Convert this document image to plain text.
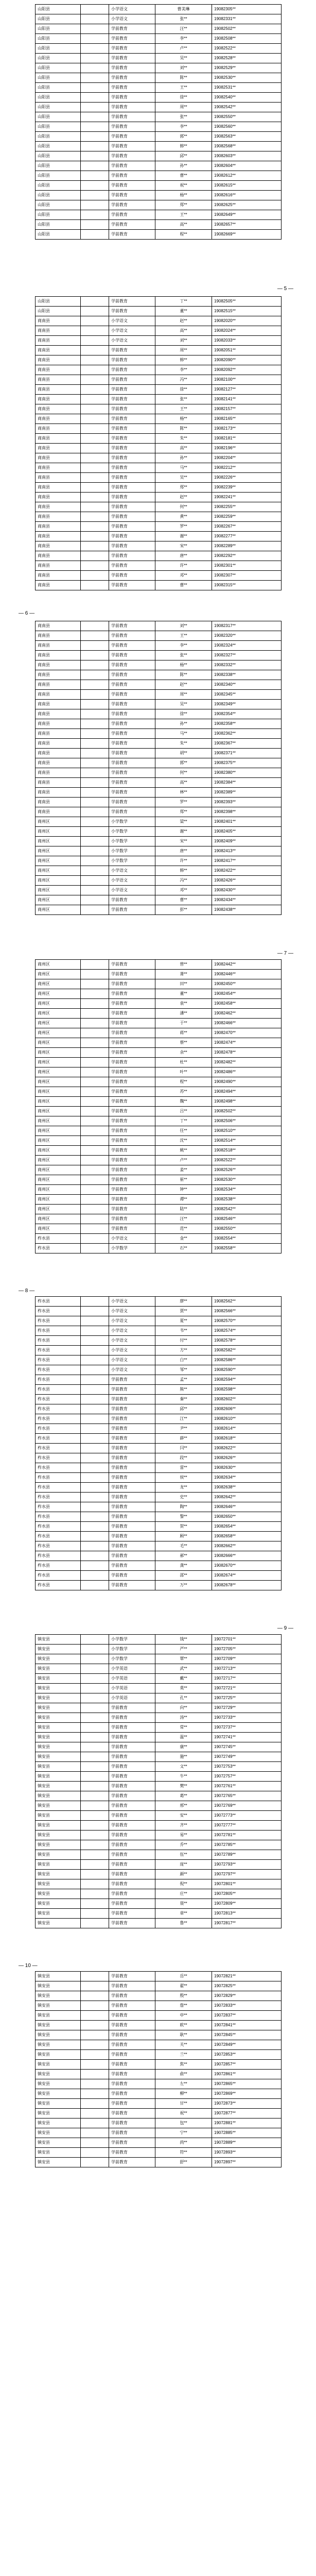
山阳县		小学语文	曹美琳	19082305**
山阳县		小学语文	张**	19082331**
山阳县		学前教育	汪**	19082502**
山阳县		学前教育	李**	19082508**
山阳县		学前教育	卢**	19082522**
山阳县		学前教育	吴**	19082528**
山阳县		学前教育	刘**	19082529**
山阳县		学前教育	陈**	19082530**
山阳县		学前教育	王**	19082531**
山阳县		学前教育	徐**	19082540**
山阳县		学前教育	周**	19082542**
山阳县		学前教育	张**	19082550**
山阳县		学前教育	李**	19082560**
山阳县		学前教育	郭**	19082563**
山阳县		学前教育	韩**	19082568**
山阳县		学前教育	邱**	19082603**
山阳县		学前教育	孙**	19082604**
山阳县		学前教育	曹**	19082612**
山阳县		学前教育	祝**	19082615**
山阳县		学前教育	杨**	19082616**
山阳县		学前教育	郑**	19082625**
山阳县		学前教育	王**	19082649**
山阳县		学前教育	高**	19082657**
山阳县		学前教育	程**	19082669**
— 5 —
山阳县		学前教育	丁**	19082505**
山阳县		学前教育	董**	19082515**
商南县		小学语文	赵**	19082020**
商南县		小学语文	高**	19082024**
商南县		小学语文	刘**	19082033**
商南县		学前教育	周**	19082051**
商南县		学前教育	韩**	19082090**
商南县		学前教育	李**	19082092**
商南县		学前教育	冯**	19082100**
商南县		学前教育	徐**	19082127**
商南县		学前教育	张**	19082141**
商南县		学前教育	王**	19082157**
商南县		学前教育	杨**	19082165**
商南县		学前教育	陈**	19082173**
商南县		学前教育	朱**	19082181**
商南县		学前教育	高**	19082196**
商南县		学前教育	孙**	19082204**
商南县		学前教育	马**	19082212**
商南县		学前教育	吴**	19082226**
商南县		学前教育	郑**	19082239**
商南县		学前教育	赵**	19082241**
商南县		学前教育	何**	19082255**
商南县		学前教育	黄**	19082259**
商南县		学前教育	罗**	19082267**
商南县		学前教育	谢**	19082277**
商南县		学前教育	宋**	19082289**
商南县		学前教育	唐**	19082292**
商南县		学前教育	许**	19082301**
商南县		学前教育	邓**	19082307**
商南县		学前教育	曹**	19082315**
— 6 —
商南县		学前教育	刘**	19082317**
商南县		学前教育	王**	19082320**
商南县		学前教育	李**	19082324**
商南县		学前教育	张**	19082327**
商南县		学前教育	杨**	19082332**
商南县		学前教育	陈**	19082338**
商南县		学前教育	赵**	19082340**
商南县		学前教育	周**	19082345**
商南县		学前教育	吴**	19082349**
商南县		学前教育	徐**	19082354**
商南县		学前教育	孙**	19082358**
商南县		学前教育	马**	19082362**
商南县		学前教育	朱**	19082367**
商南县		学前教育	胡**	19082371**
商南县		学前教育	郭**	19082375**
商南县		学前教育	何**	19082380**
商南县		学前教育	高**	19082384**
商南县		学前教育	林**	19082389**
商南县		学前教育	罗**	19082393**
商南县		学前教育	郑**	19082398**
商州区		小学数学	梁**	19082401**
商州区		小学数学	谢**	19082405**
商州区		小学数学	宋**	19082409**
商州区		小学数学	唐**	19082413**
商州区		小学数学	许**	19082417**
商州区		小学语文	韩**	19082422**
商州区		小学语文	冯**	19082426**
商州区		小学语文	邓**	19082430**
商州区		学前教育	曹**	19082434**
商州区		学前教育	彭**	19082438**
— 7 —
商州区		学前教育	曾**	19082442**
商州区		学前教育	萧**	19082446**
商州区		学前教育	田**	19082450**
商州区		学前教育	董**	19082454**
商州区		学前教育	袁**	19082458**
商州区		学前教育	潘**	19082462**
商州区		学前教育	于**	19082466**
商州区		学前教育	蒋**	19082470**
商州区		学前教育	蔡**	19082474**
商州区		学前教育	余**	19082478**
商州区		学前教育	杜**	19082482**
商州区		学前教育	叶**	19082486**
商州区		学前教育	程**	19082490**
商州区		学前教育	苏**	19082494**
商州区		学前教育	魏**	19082498**
商州区		学前教育	吕**	19082502**
商州区		学前教育	丁**	19082506**
商州区		学前教育	任**	19082510**
商州区		学前教育	沈**	19082514**
商州区		学前教育	姚**	19082518**
商州区		学前教育	卢**	19082522**
商州区		学前教育	姜**	19082526**
商州区		学前教育	崔**	19082530**
商州区		学前教育	钟**	19082534**
商州区		学前教育	谭**	19082538**
商州区		学前教育	陆**	19082542**
商州区		学前教育	汪**	19082546**
商州区		学前教育	范**	19082550**
柞水县		小学语文	金**	19082554**
柞水县		小学数学	石**	19082558**
— 8 —
柞水县		小学语文	廖**	19082562**
柞水县		小学语文	贾**	19082566**
柞水县		小学语文	夏**	19082570**
柞水县		小学语文	韦**	19082574**
柞水县		小学语文	付**	19082578**
柞水县		小学语文	方**	19082582**
柞水县		小学语文	白**	19082586**
柞水县		小学语文	邹**	19082590**
柞水县		学前教育	孟**	19082594**
柞水县		学前教育	熊**	19082598**
柞水县		学前教育	秦**	19082602**
柞水县		学前教育	邱**	19082606**
柞水县		学前教育	江**	19082610**
柞水县		学前教育	尹**	19082614**
柞水县		学前教育	薛**	19082618**
柞水县		学前教育	闫**	19082622**
柞水县		学前教育	段**	19082626**
柞水县		学前教育	雷**	19082630**
柞水县		学前教育	侯**	19082634**
柞水县		学前教育	龙**	19082638**
柞水县		学前教育	史**	19082642**
柞水县		学前教育	陶**	19082646**
柞水县		学前教育	黎**	19082650**
柞水县		学前教育	贺**	19082654**
柞水县		学前教育	顾**	19082658**
柞水县		学前教育	毛**	19082662**
柞水县		学前教育	郝**	19082666**
柞水县		学前教育	龚**	19082670**
柞水县		学前教育	邵**	19082674**
柞水县		学前教育	万**	19082678**
— 9 —
镇安县		小学数学	钱**	19072701**
镇安县		小学数学	严**	19072705**
镇安县		小学数学	覃**	19072709**
镇安县		小学英语	武**	19072713**
镇安县		小学英语	戴**	19072717**
镇安县		小学英语	莫**	19072721**
镇安县		小学英语	孔**	19072725**
镇安县		学前教育	向**	19072729**
镇安县		学前教育	汤**	19072733**
镇安县		学前教育	常**	19072737**
镇安县		学前教育	温**	19072741**
镇安县		学前教育	康**	19072745**
镇安县		学前教育	施**	19072749**
镇安县		学前教育	文**	19072753**
镇安县		学前教育	牛**	19072757**
镇安县		学前教育	樊**	19072761**
镇安县		学前教育	葛**	19072765**
镇安县		学前教育	邢**	19072769**
镇安县		学前教育	安**	19072773**
镇安县		学前教育	齐**	19072777**
镇安县		学前教育	易**	19072781**
镇安县		学前教育	乔**	19072785**
镇安县		学前教育	伍**	19072789**
镇安县		学前教育	庞**	19072793**
镇安县		学前教育	颜**	19072797**
镇安县		学前教育	倪**	19072801**
镇安县		学前教育	庄**	19072805**
镇安县		学前教育	聂**	19072809**
镇安县		学前教育	章**	19072813**
镇安县		学前教育	鲁**	19072817**
— 10 —
镇安县		学前教育	岳**	19072821**
镇安县		学前教育	翟**	19072825**
镇安县		学前教育	殷**	19072829**
镇安县		学前教育	詹**	19072833**
镇安县		学前教育	申**	19072837**
镇安县		学前教育	欧**	19072841**
镇安县		学前教育	耿**	19072845**
镇安县		学前教育	关**	19072849**
镇安县		学前教育	兰**	19072853**
镇安县		学前教育	焦**	19072857**
镇安县		学前教育	俞**	19072861**
镇安县		学前教育	左**	19072865**
镇安县		学前教育	柳**	19072869**
镇安县		学前教育	甘**	19072873**
镇安县		学前教育	祝**	19072877**
镇安县		学前教育	包**	19072881**
镇安县		学前教育	宁**	19072885**
镇安县		学前教育	尚**	19072889**
镇安县		学前教育	符**	19072893**
镇安县		学前教育	舒**	19072897**
